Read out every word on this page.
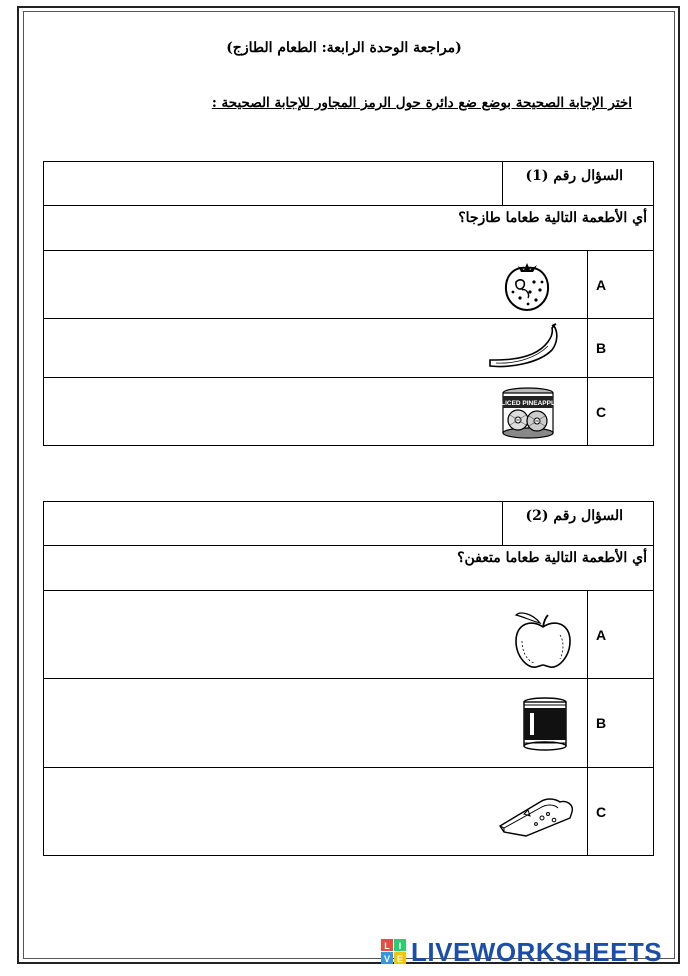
(مراجعة الوحدة الرابعة: الطعام الطازج)
اختر الإجابة الصحيحة بوضع ضع دائرة حول الرمز المجاور للإجابة الصحيحة :
	السؤال رقم (1)	
أي الأطعمة التالية طعاما طازجا؟		

	A

	B

SLICED PINEAPPLE		C
	السؤال رقم (2)	
أي الأطعمة التالية طعاما متعفن؟		

	A

	B

	C
L I
V E LIVEWORKSHEETS
